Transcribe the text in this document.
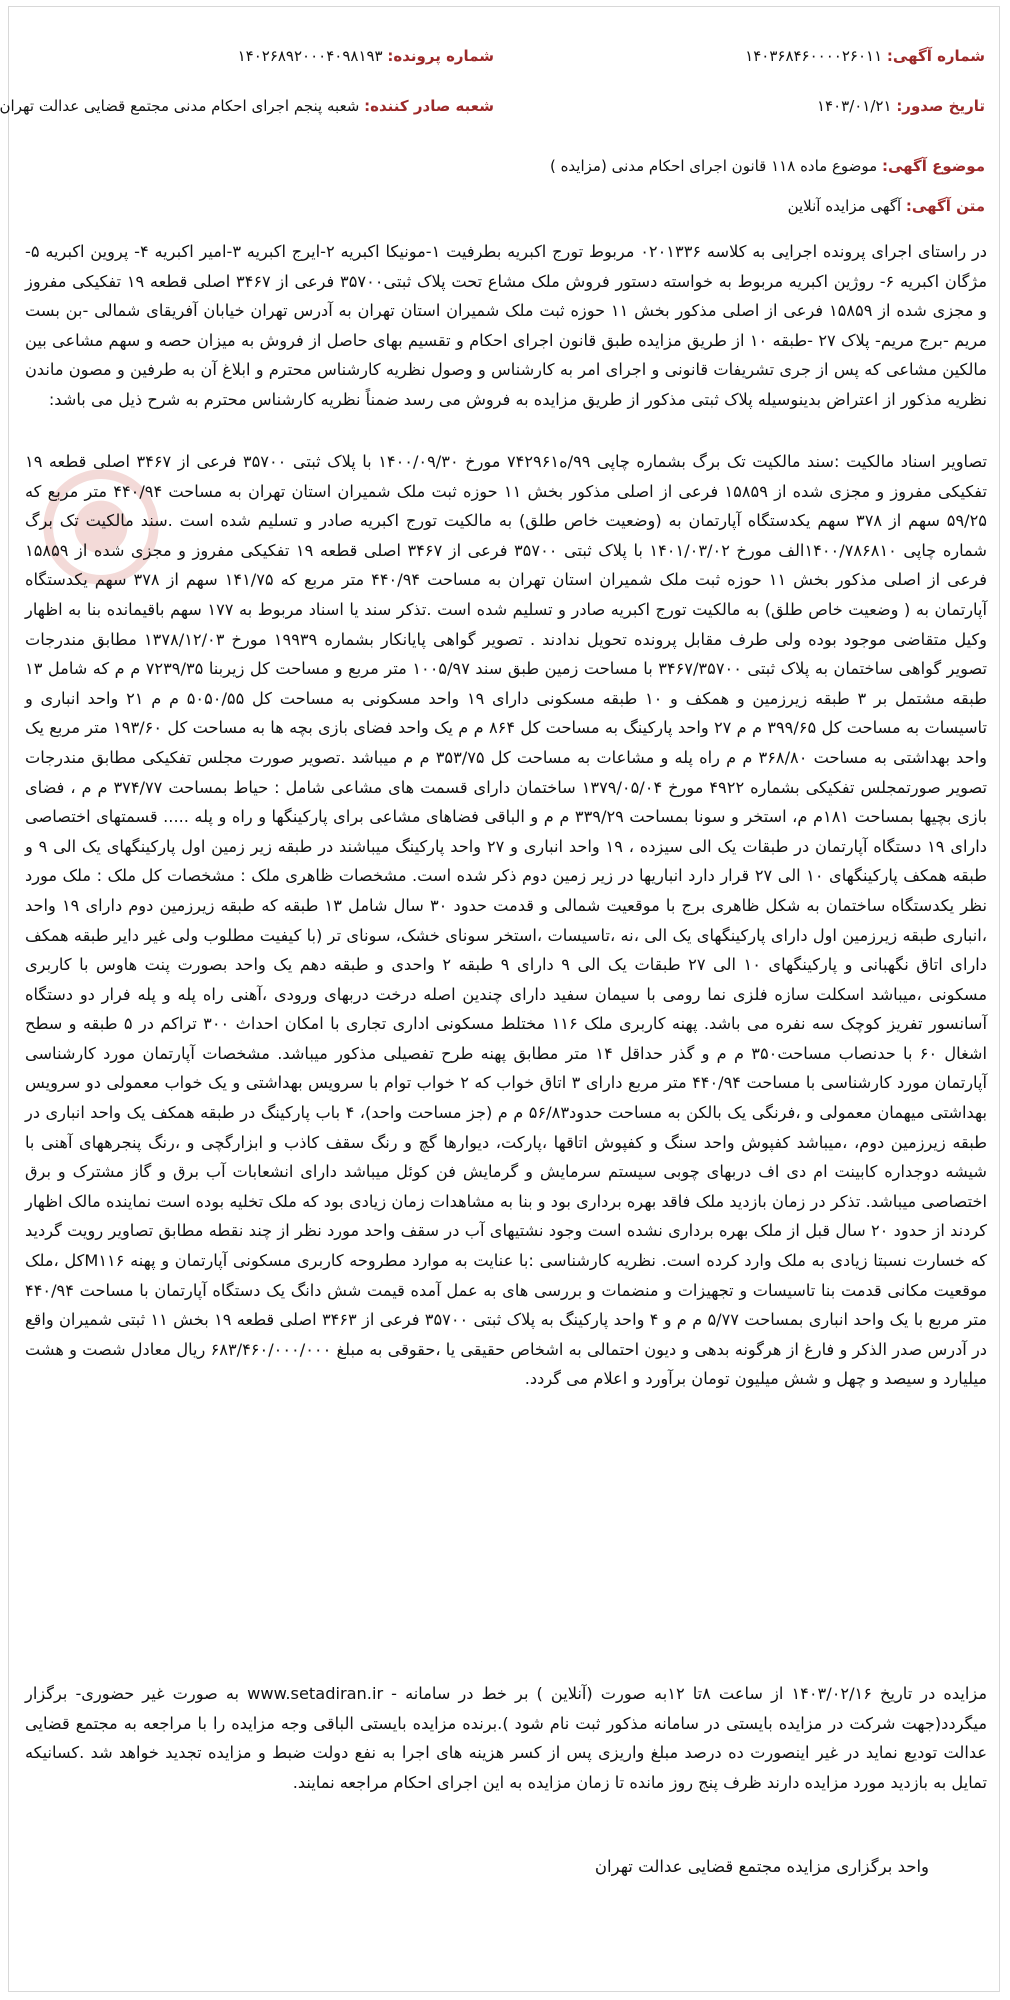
شماره آگهی: ۱۴۰۳۶۸۴۶۰۰۰۰۲۶۰۱۱
شماره پرونده: ۱۴۰۲۶۸۹۲۰۰۰۴۰۹۸۱۹۳
تاریخ صدور: ۱۴۰۳/۰۱/۲۱
شعبه صادر کننده: شعبه پنجم اجرای احکام مدنی مجتمع قضایی عدالت تهران
موضوع آگهی: موضوع ماده ۱۱۸ قانون اجرای احکام مدنی (مزایده )
متن آگهی: آگهی مزایده آنلاین
در راستای اجرای پرونده اجرایی به کلاسه ۰۲۰۱۳۳۶ مربوط تورج اکبریه بطرفیت ۱-مونیکا اکبریه ۲-ایرج اکبریه ۳-امیر اکبریه ۴- پروین اکبریه ۵- مژگان اکبریه ۶- روژین اکبریه مربوط به خواسته دستور فروش ملک مشاع تحت پلاک ثبتی۳۵۷۰۰ فرعی از ۳۴۶۷ اصلی قطعه ۱۹ تفکیکی مفروز و مجزی شده از ۱۵۸۵۹ فرعی از اصلی مذکور بخش ۱۱ حوزه ثبت ملک شمیران استان تهران به آدرس تهران خیابان آفریقای شمالی -بن بست مریم -برج مریم- پلاک ۲۷ -طبقه ۱۰ از طریق مزایده طبق قانون اجرای احکام و تقسیم بهای حاصل از فروش به میزان حصه و سهم مشاعی بین مالکین مشاعی که پس از جری تشریفات قانونی و اجرای امر به کارشناس و وصول نظریه کارشناس محترم و ابلاغ آن به طرفین و مصون ماندن نظریه مذکور از اعتراض بدینوسیله پلاک ثبتی مذکور از طریق مزایده به فروش می رسد ضمناً نظریه کارشناس محترم به شرح ذیل می باشد:
تصاویر اسناد مالکیت :سند مالکیت تک برگ بشماره چاپی ۹۹/ه۷۴۲۹۶۱ مورخ ۱۴۰۰/۰۹/۳۰ با پلاک ثبتی ۳۵۷۰۰ فرعی از ۳۴۶۷ اصلی قطعه ۱۹ تفکیکی مفروز و مجزی شده از ۱۵۸۵۹ فرعی از اصلی مذکور بخش ۱۱ حوزه ثبت ملک شمیران استان تهران به مساحت ۴۴۰/۹۴ متر مربع که ۵۹/۲۵ سهم از ۳۷۸ سهم یکدستگاه آپارتمان به (وضعیت خاص طلق) به مالکیت تورج اکبریه صادر و تسلیم شده است .سند مالکیت تک برگ شماره چاپی ۱۴۰۰/۷۸۶۸۱۰الف مورخ ۱۴۰۱/۰۳/۰۲ با پلاک ثبتی ۳۵۷۰۰ فرعی از ۳۴۶۷ اصلی قطعه ۱۹ تفکیکی مفروز و مجزی شده از ۱۵۸۵۹ فرعی از اصلی مذکور بخش ۱۱ حوزه ثبت ملک شمیران استان تهران به مساحت ۴۴۰/۹۴ متر مربع که ۱۴۱/۷۵ سهم از ۳۷۸ سهم یکدستگاه آپارتمان به ( وضعیت خاص طلق) به مالکیت تورج اکبریه صادر و تسلیم شده است .تذکر سند یا اسناد مربوط به ۱۷۷ سهم باقیمانده بنا به اظهار وکیل متقاضی موجود بوده ولی طرف مقابل پرونده تحویل ندادند . تصویر گواهی پایانکار بشماره ۱۹۹۳۹ مورخ ۱۳۷۸/۱۲/۰۳ مطابق مندرجات تصویر گواهی ساختمان به پلاک ثبتی ۳۴۶۷/۳۵۷۰۰ با مساحت زمین طبق سند ۱۰۰۵/۹۷ متر مربع و مساحت کل زیربنا ۷۲۳۹/۳۵ م م که شامل ۱۳ طبقه مشتمل بر ۳ طبقه زیرزمین و همکف و ۱۰ طبقه مسکونی دارای ۱۹ واحد مسکونی به مساحت کل ۵۰۵۰/۵۵ م م ۲۱ واحد انباری و تاسیسات به مساحت کل ۳۹۹/۶۵ م م ۲۷ واحد پارکینگ به مساحت کل ۸۶۴ م م یک واحد فضای بازی بچه ها به مساحت کل ۱۹۳/۶۰ متر مربع یک واحد بهداشتی به مساحت ۳۶۸/۸۰ م م راه پله و مشاعات به مساحت کل ۳۵۳/۷۵ م م میباشد .تصویر صورت مجلس تفکیکی مطابق مندرجات تصویر صورتمجلس تفکیکی بشماره ۴۹۲۲ مورخ ۱۳۷۹/۰۵/۰۴ ساختمان دارای قسمت های مشاعی شامل : حیاط بمساحت ۳۷۴/۷۷ م م ، فضای بازی بچیها بمساحت ۱۸۱م م، استخر و سونا بمساحت ۳۳۹/۲۹ م م و الباقی فضاهای مشاعی برای پارکینگها و راه و پله ..... قسمتهای اختصاصی دارای ۱۹ دستگاه آپارتمان در طبقات یک الی سیزده ، ۱۹ واحد انباری و ۲۷ واحد پارکینگ میباشند در طبقه زیر زمین اول پارکینگهای یک الی ۹ و طبقه همکف پارکینگهای ۱۰ الی ۲۷ قرار دارد انباریها در زیر زمین دوم ذکر شده است. مشخصات ظاهری ملک : مشخصات کل ملک : ملک مورد نظر یکدستگاه ساختمان به شکل ظاهری برج با موقعیت شمالی و قدمت حدود ۳۰ سال شامل ۱۳ طبقه که طبقه زیرزمین دوم دارای ۱۹ واحد ،انباری طبقه زیرزمین اول دارای پارکینگهای یک الی ،نه ،تاسیسات ،استخر سونای خشک، سونای تر (با کیفیت مطلوب ولی غیر دایر طبقه همکف دارای اتاق نگهبانی و پارکینگهای ۱۰ الی ۲۷ طبقات یک الی ۹ دارای ۹ طبقه ۲ واحدی و طبقه دهم یک واحد بصورت پنت هاوس با کاربری مسکونی ،میباشد اسکلت سازه فلزی نما رومی با سیمان سفید دارای چندین اصله درخت دربهای ورودی ،آهنی راه پله و پله فرار دو دستگاه آسانسور تفریز کوچک سه نفره می باشد. پهنه کاربری ملک ۱۱۶ مختلط مسکونی اداری تجاری با امکان احداث ۳۰۰ تراکم در ۵ طبقه و سطح اشغال ۶۰ با حدنصاب مساحت۳۵۰ م م و گذر حداقل ۱۴ متر مطابق پهنه طرح تفصیلی مذکور میباشد. مشخصات آپارتمان مورد کارشناسی آپارتمان مورد کارشناسی با مساحت ۴۴۰/۹۴ متر مربع دارای ۳ اتاق خواب که ۲ خواب توام با سرویس بهداشتی و یک خواب معمولی دو سرویس بهداشتی میهمان معمولی و ،فرنگی یک بالکن به مساحت حدود۵۶/۸۳ م م (جز مساحت واحد)، ۴ باب پارکینگ در طبقه همکف یک واحد انباری در طبقه زیرزمین دوم، ،میباشد کفپوش واحد سنگ و کفپوش اتاقها ،پارکت، دیوارها گچ و رنگ سقف کاذب و ابزارگچی و ،رنگ پنجرههای آهنی با شیشه دوجداره کابینت ام دی اف دربهای چوبی سیستم سرمایش و گرمایش فن کوئل میباشد دارای انشعابات آب برق و گاز مشترک و برق اختصاصی میباشد. تذکر در زمان بازدید ملک فاقد بهره برداری بود و بنا به مشاهدات زمان زیادی بود که ملک تخلیه بوده است نماینده مالک اظهار کردند از حدود ۲۰ سال قبل از ملک بهره برداری نشده است وجود نشتیهای آب در سقف واحد مورد نظر از چند نقطه مطابق تصاویر رویت گردید که خسارت نسبتا زیادی به ملک وارد کرده است. نظریه کارشناسی :با عنایت به موارد مطروحه کاربری مسکونی آپارتمان و پهنه M۱۱۶کل ،ملک موقعیت مکانی قدمت بنا تاسیسات و تجهیزات و منضمات و بررسی های به عمل آمده قیمت شش دانگ یک دستگاه آپارتمان با مساحت ۴۴۰/۹۴ متر مربع با یک واحد انباری بمساحت ۵/۷۷ م م و ۴ واحد پارکینگ به پلاک ثبتی ۳۵۷۰۰ فرعی از ۳۴۶۳ اصلی قطعه ۱۹ بخش ۱۱ ثبتی شمیران واقع در آدرس صدر الذکر و فارغ از هرگونه بدهی و دیون احتمالی به اشخاص حقیقی یا ،حقوقی به مبلغ ۶۸۳/۴۶۰/۰۰۰/۰۰۰ ریال معادل شصت و هشت میلیارد و سیصد و چهل و شش میلیون تومان برآورد و اعلام می گردد.
مزایده در تاریخ ۱۴۰۳/۰۲/۱۶ از ساعت ۸تا ۱۲به صورت (آنلاین ) بر خط در سامانه - www.setadiran.ir به صورت غیر حضوری- برگزار میگردد(جهت شرکت در مزایده بایستی در سامانه مذکور ثبت نام شود ).برنده مزایده بایستی الباقی وجه مزایده را با مراجعه به مجتمع قضایی عدالت تودیع نماید در غیر اینصورت ده درصد مبلغ واریزی پس از کسر هزینه های اجرا به نفع دولت ضبط و مزایده تجدید خواهد شد .کسانیکه تمایل به بازدید مورد مزایده دارند ظرف پنج روز مانده تا زمان مزایده به این اجرای احکام مراجعه نمایند.
واحد برگزاری مزایده مجتمع قضایی عدالت تهران
